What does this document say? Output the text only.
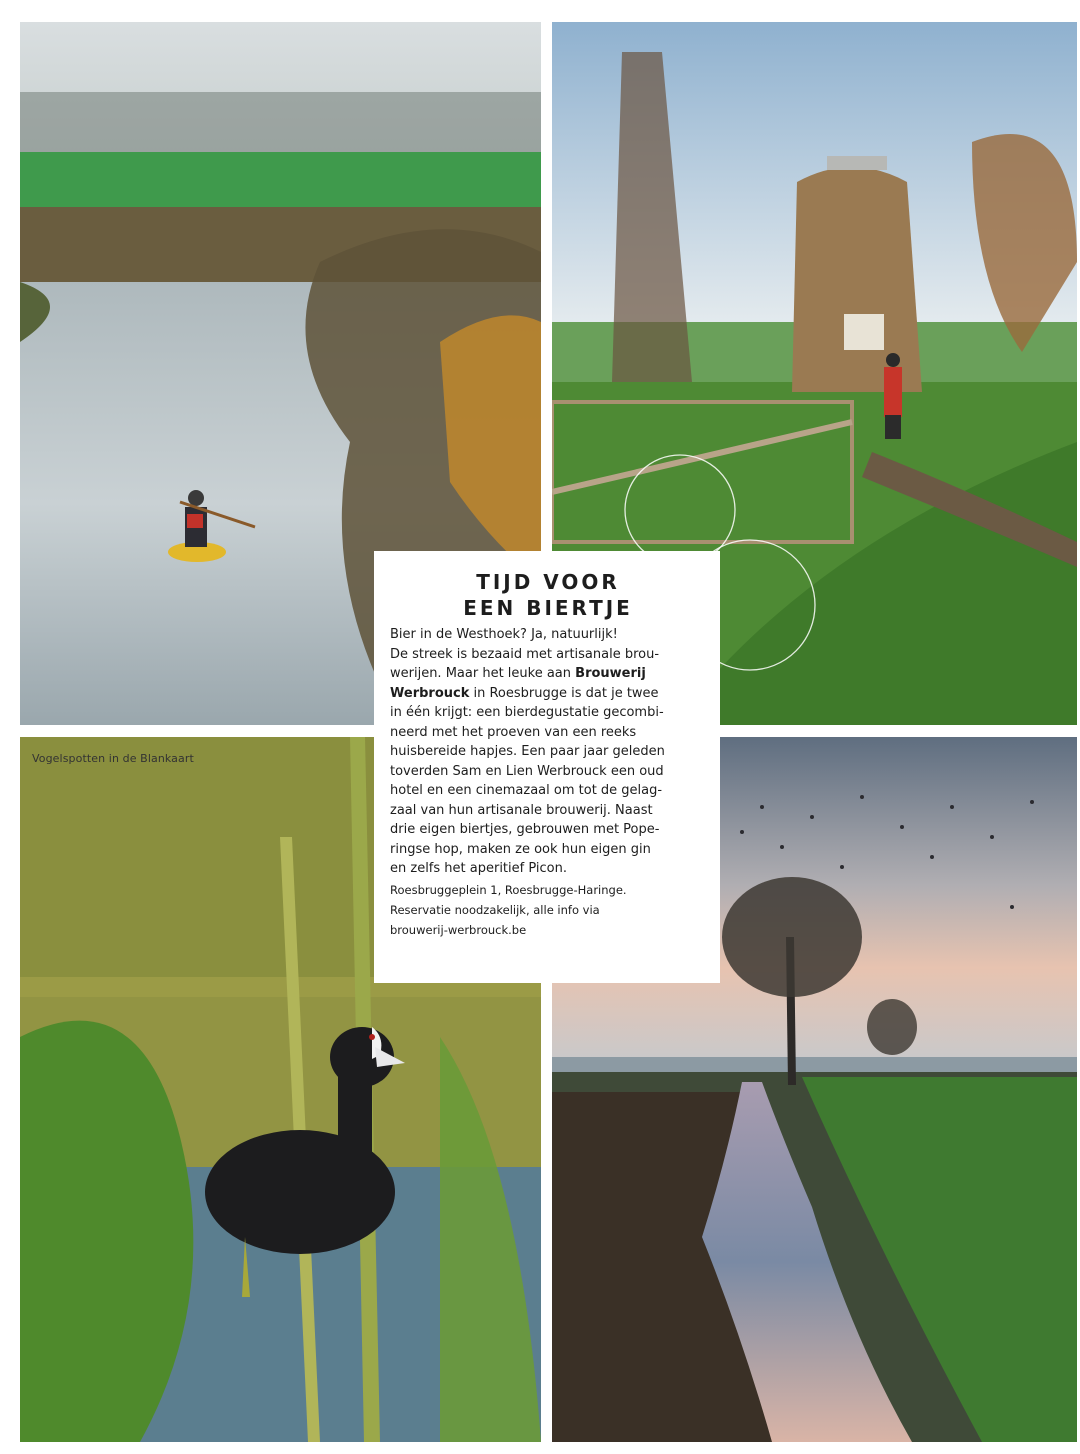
Vogelspotten in de Blankaart
TIJD VOOR
EEN BIERTJE
Bier in de Westhoek? Ja, natuurlijk!
De streek is bezaaid met artisanale brou-
werijen. Maar het leuke aan Brouwerij
Werbrouck in Roesbrugge is dat je twee
in één krijgt: een bierdegustatie gecombi-
neerd met het proeven van een reeks
huisbereide hapjes. Een paar jaar geleden
toverden Sam en Lien Werbrouck een oud
hotel en een cinemazaal om tot de gelag-
zaal van hun artisanale brouwerij. Naast
drie eigen biertjes, gebrouwen met Pope-
ringse hop, maken ze ook hun eigen gin
en zelfs het aperitief Picon.
Roesbruggeplein 1, Roesbrugge-Haringe.
Reservatie noodzakelijk, alle info via
brouwerij-werbrouck.be
